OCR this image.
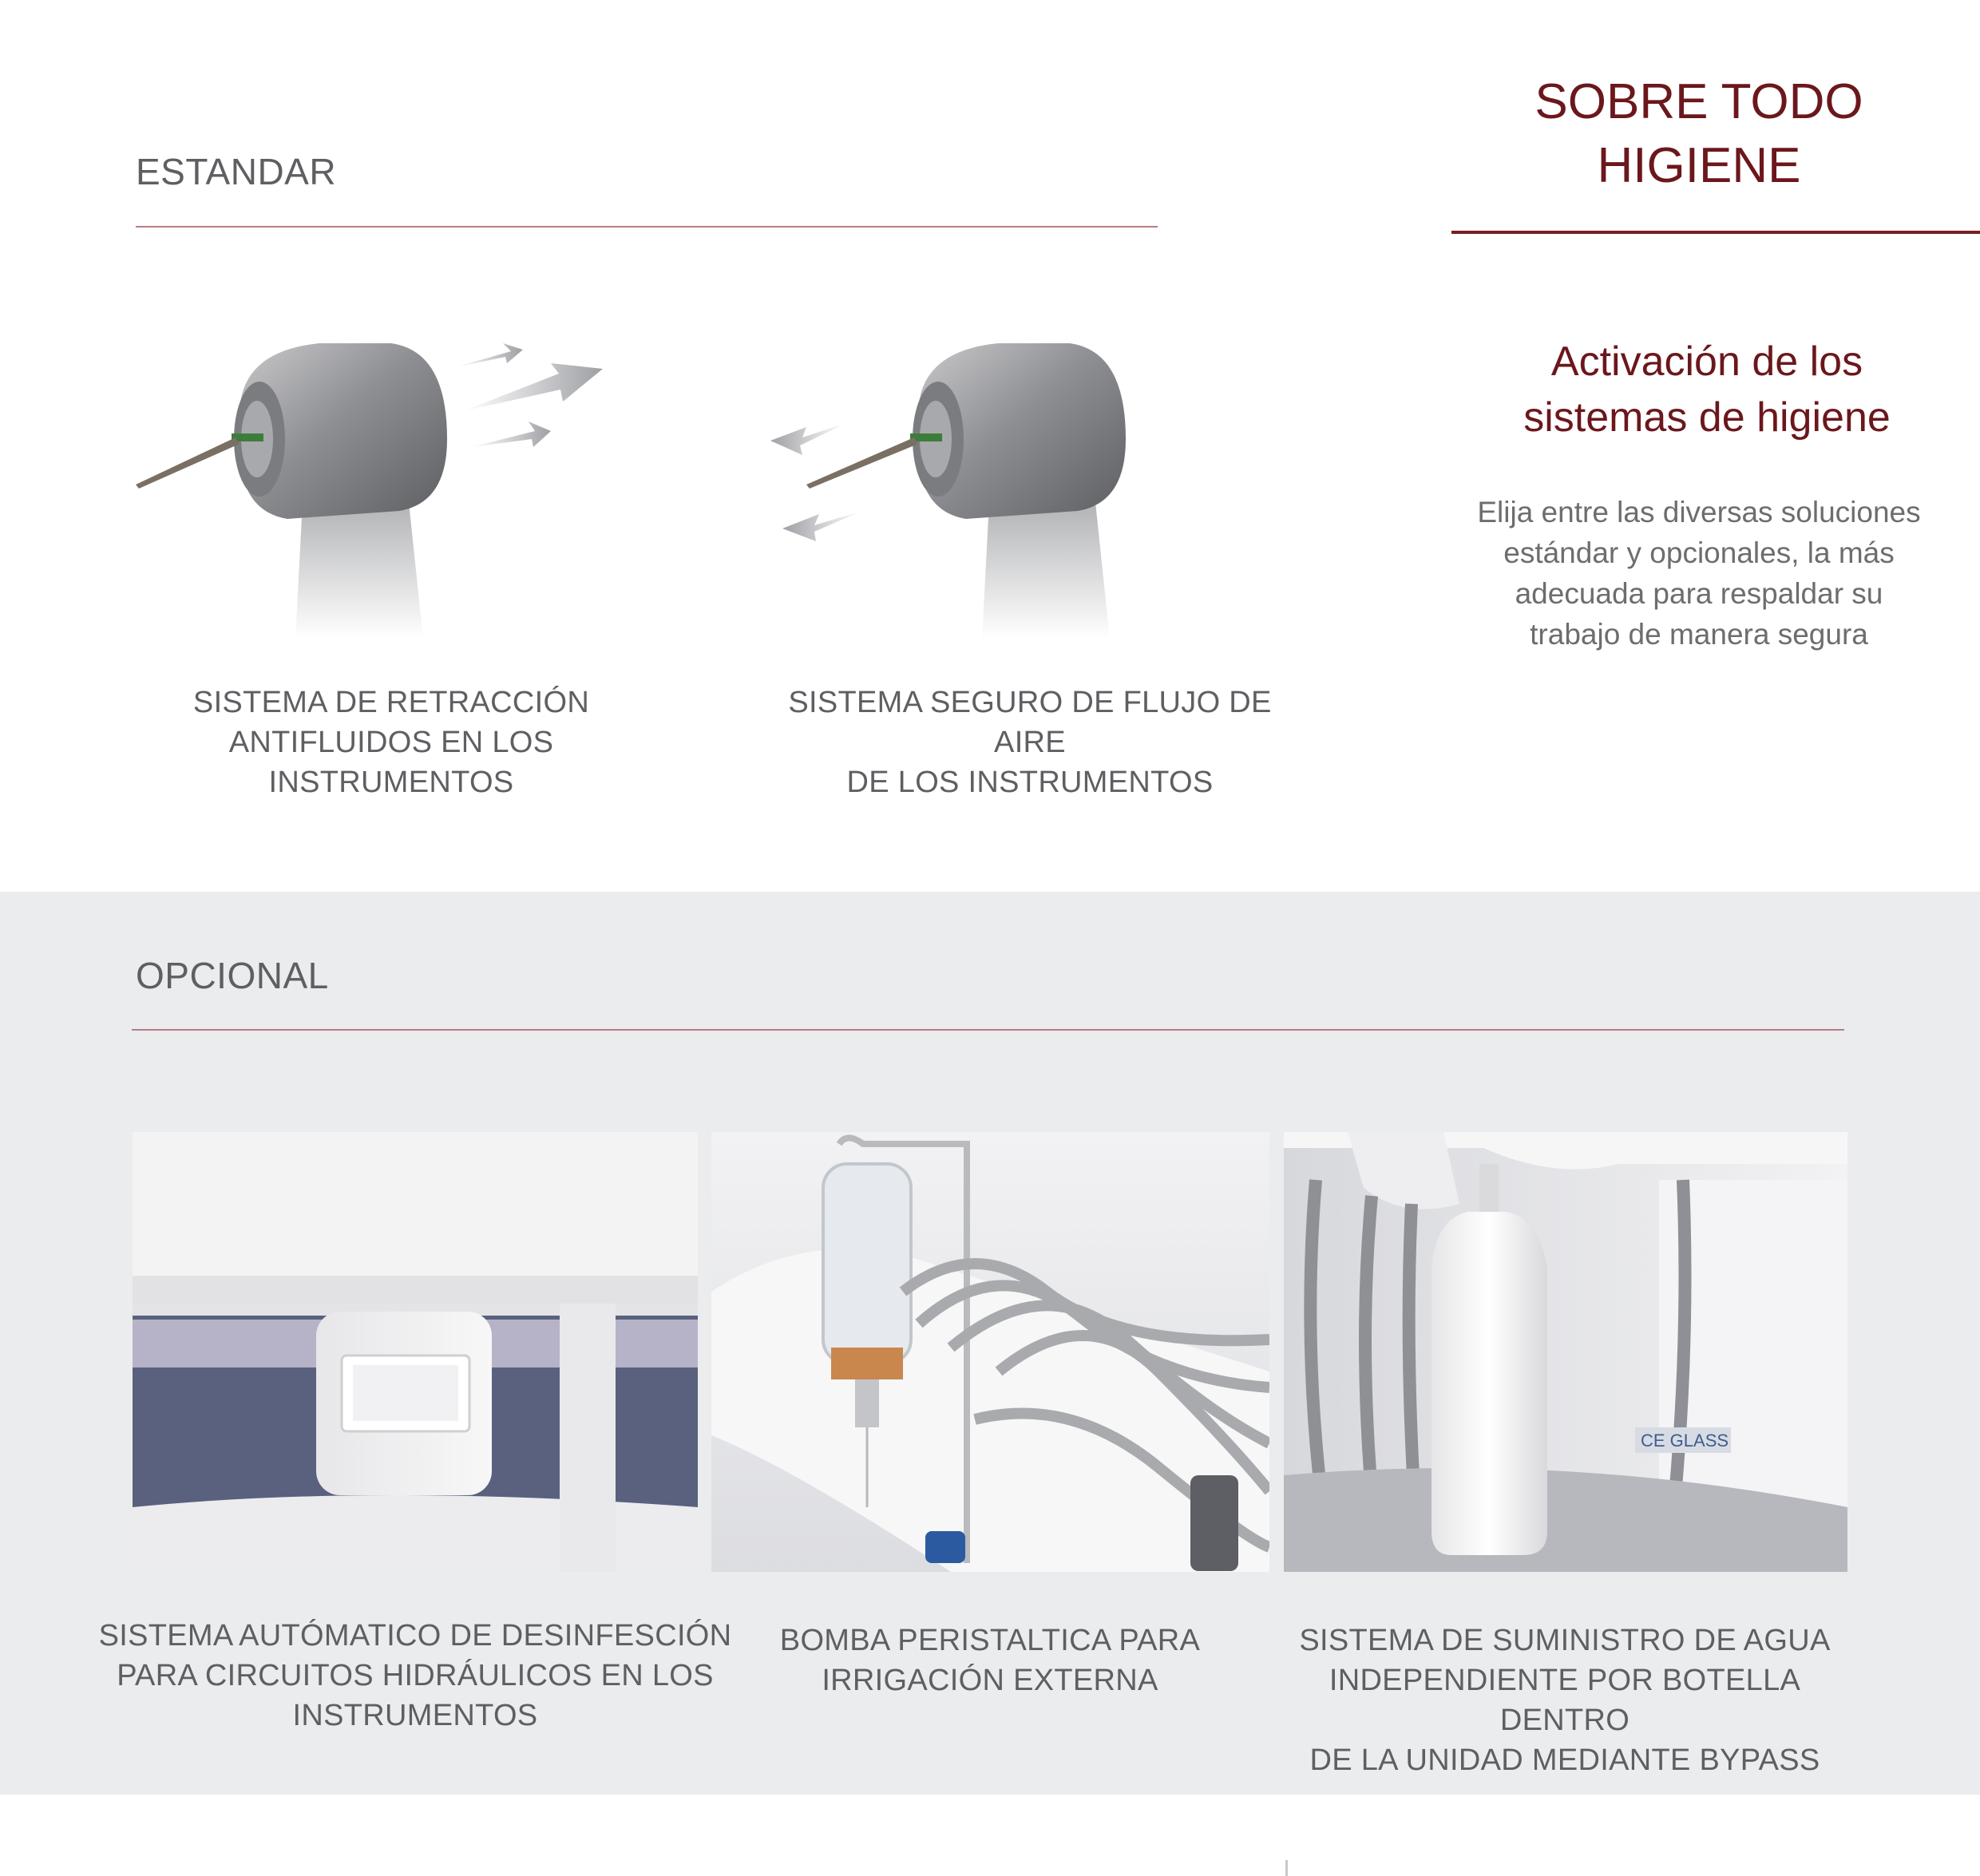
ESTANDAR
SOBRE TODO
HIGIENE
Activación de los
sistemas de higiene
Elija entre las diversas soluciones
estándar y opcionales, la más
adecuada para respaldar su
trabajo de manera segura
SISTEMA DE RETRACCIÓN
ANTIFLUIDOS EN LOS
INSTRUMENTOS
SISTEMA SEGURO DE FLUJO DE AIRE
DE LOS INSTRUMENTOS
OPCIONAL
CE GLASS
SISTEMA AUTÓMATICO DE DESINFESCIÓN
PARA CIRCUITOS HIDRÁULICOS EN LOS
INSTRUMENTOS
BOMBA PERISTALTICA PARA
IRRIGACIÓN EXTERNA
SISTEMA DE SUMINISTRO DE AGUA
INDEPENDIENTE POR BOTELLA DENTRO
DE LA UNIDAD MEDIANTE BYPASS
